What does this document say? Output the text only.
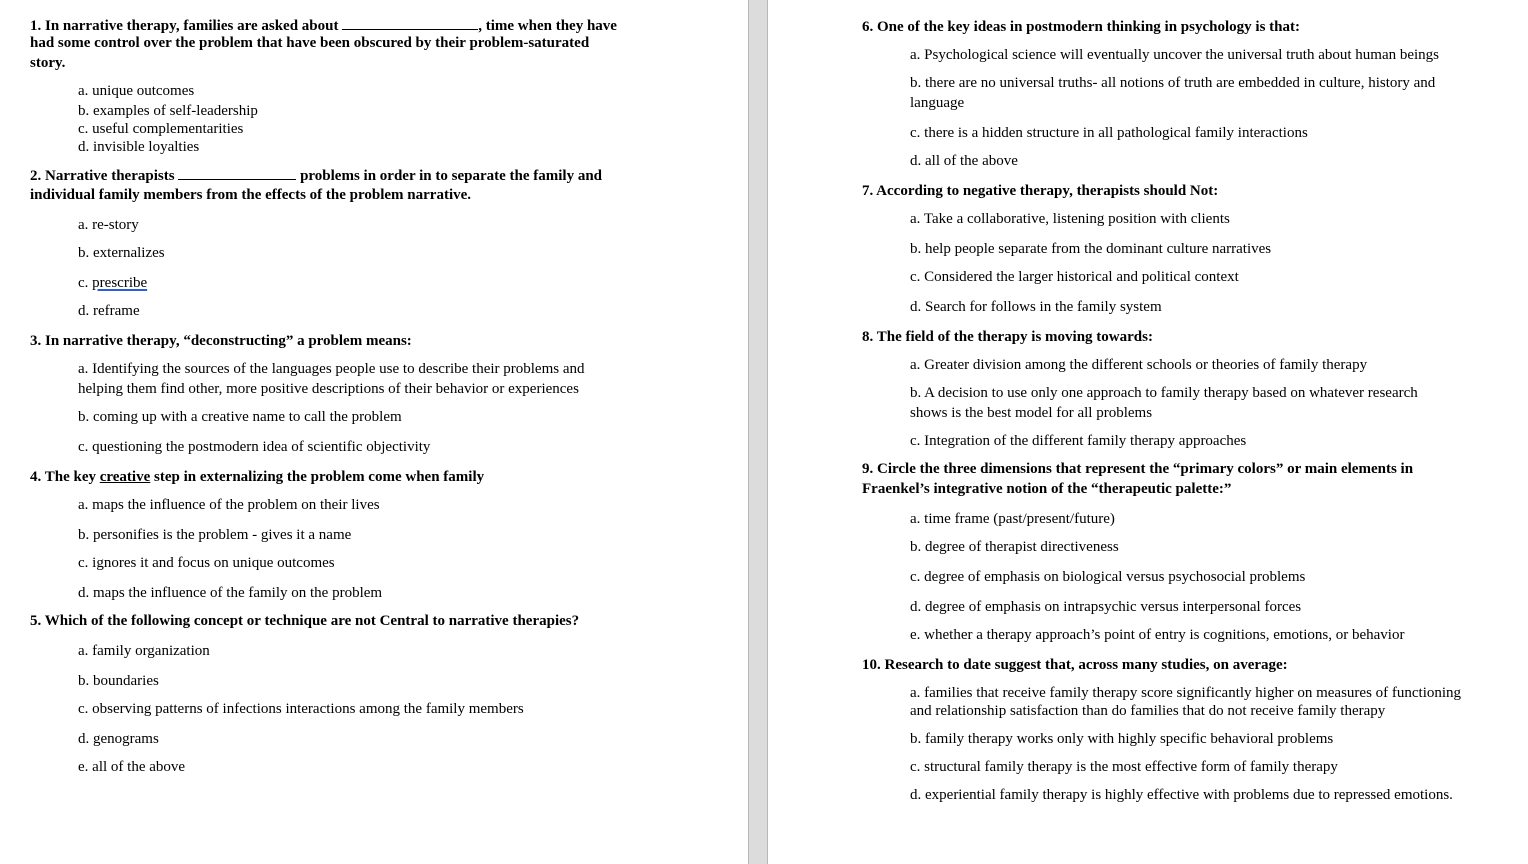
1. In narrative therapy, families are asked about	, time when they have
had some control over the problem that have been obscured by their problem-saturated
story.
a. unique outcomes
b. examples of self-leadership
c. useful complementarities
d. invisible loyalties
2. Narrative therapists	problems in order in to separate the family and
individual family members from the effects of the problem narrative.
a. re-story
b. externalizes
c. prescribe
d. reframe
3. In narrative therapy, “deconstructing” a problem means:
a. Identifying the sources of the languages people use to describe their problems and
helping them find other, more positive descriptions of their behavior or experiences
b. coming up with a creative name to call the problem
c. questioning the postmodern idea of scientific objectivity
4. The key creative step in externalizing the problem come when family
a. maps the influence of the problem on their lives
b. personifies is the problem - gives it a name
c. ignores it and focus on unique outcomes
d. maps the influence of the family on the problem
5. Which of the following concept or technique are not Central to narrative therapies?
a. family organization
b. boundaries
c. observing patterns of infections interactions among the family members
d. genograms
e. all of the above
6. One of the key ideas in postmodern thinking in psychology is that:
a. Psychological science will eventually uncover the universal truth about human beings
b. there are no universal truths- all notions of truth are embedded in culture, history and
language
c. there is a hidden structure in all pathological family interactions
d. all of the above
7. According to negative therapy, therapists should Not:
a. Take a collaborative, listening position with clients
b. help people separate from the dominant culture narratives
c. Considered the larger historical and political context
d. Search for follows in the family system
8. The field of the therapy is moving towards:
a. Greater division among the different schools or theories of family therapy
b. A decision to use only one approach to family therapy based on whatever research
shows is the best model for all problems
c. Integration of the different family therapy approaches
9. Circle the three dimensions that represent the “primary colors” or main elements in
Fraenkel’s integrative notion of the “therapeutic palette:”
a. time frame (past/present/future)
b. degree of therapist directiveness
c. degree of emphasis on biological versus psychosocial problems
d. degree of emphasis on intrapsychic versus interpersonal forces
e. whether a therapy approach’s point of entry is cognitions, emotions, or behavior
10. Research to date suggest that, across many studies, on average:
a. families that receive family therapy score significantly higher on measures of functioning
and relationship satisfaction than do families that do not receive family therapy
b. family therapy works only with highly specific behavioral problems
c. structural family therapy is the most effective form of family therapy
d. experiential family therapy is highly effective with problems due to repressed emotions.
